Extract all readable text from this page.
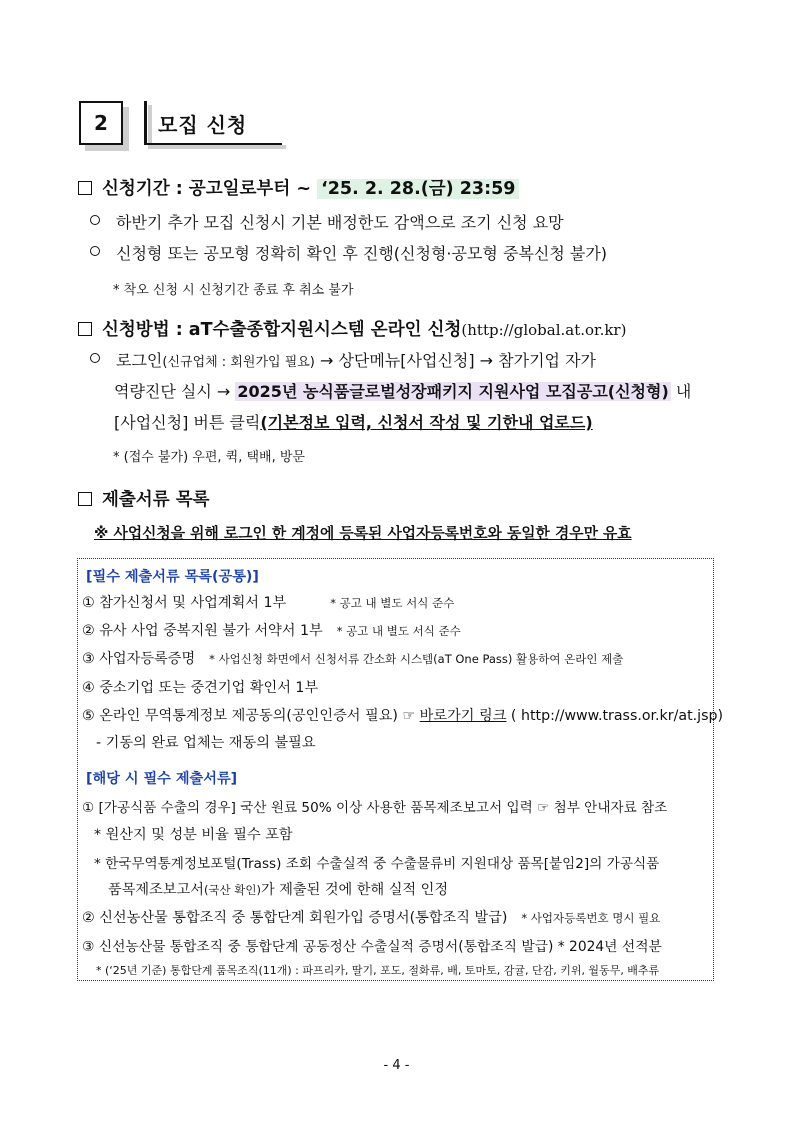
2	모집 신청
신청기간 : 공고일로부터 ~ ‘25. 2. 28.(금) 23:59
하반기 추가 모집 신청시 기본 배정한도 감액으로 조기 신청 요망
신청형 또는 공모형 정확히 확인 후 진행(신청형·공모형 중복신청 불가)
* 착오 신청 시 신청기간 종료 후 취소 불가
신청방법 : aT수출종합지원시스템 온라인 신청(http://global.at.or.kr)
로그인(신규업체 : 회원가입 필요) → 상단메뉴[사업신청] → 참가기업 자가
역량진단 실시 → 2025년 농식품글로벌성장패키지 지원사업 모집공고(신청형) 내
[사업신청] 버튼 클릭(기본정보 입력, 신청서 작성 및 기한내 업로드)
* (접수 불가) 우편, 퀵, 택배, 방문
제출서류 목록
※ 사업신청을 위해 로그인 한 계정에 등록된 사업자등록번호와 동일한 경우만 유효
[필수 제출서류 목록(공통)]
① 참가신청서 및 사업계획서 1부	* 공고 내 별도 서식 준수
② 유사 사업 중복지원 불가 서약서 1부 * 공고 내 별도 서식 준수
③ 사업자등록증명 * 사업신청 화면에서 신청서류 간소화 시스템(aT One Pass) 활용하여 온라인 제출
④ 중소기업 또는 중견기업 확인서 1부
⑤ 온라인 무역통계정보 제공동의(공인인증서 필요) ☞ 바로가기 링크 ( http://www.trass.or.kr/at.jsp)
- 기동의 완료 업체는 재동의 불필요
[해당 시 필수 제출서류]
① [가공식품 수출의 경우] 국산 원료 50% 이상 사용한 품목제조보고서 입력 ☞ 첨부 안내자료 참조
* 원산지 및 성분 비율 필수 포함
* 한국무역통계정보포털(Trass) 조회 수출실적 중 수출물류비 지원대상 품목[붙임2]의 가공식품
품목제조보고서(국산 확인)가 제출된 것에 한해 실적 인정
② 신선농산물 통합조직 중 통합단계 회원가입 증명서(통합조직 발급) * 사업자등록번호 명시 필요
③ 신선농산물 통합조직 중 통합단계 공동정산 수출실적 증명서(통합조직 발급) * 2024년 선적분
* (‘25년 기준) 통합단계 품목조직(11개) : 파프리카, 딸기, 포도, 절화류, 배, 토마토, 감귤, 단감, 키위, 월동무, 배추류
- 4 -
